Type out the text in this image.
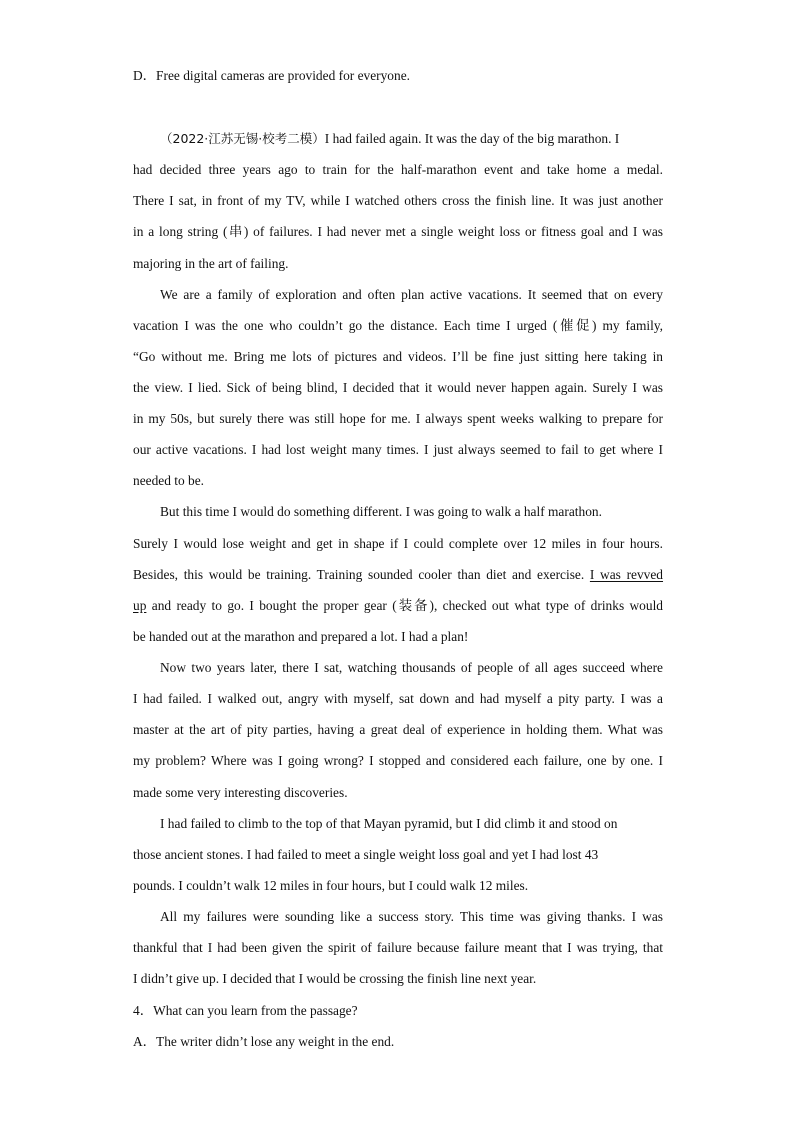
D．Free digital cameras are provided for everyone.
（2022·江苏无锡·校考二模）I had failed again. It was the day of the big marathon. I
had decided three years ago to train for the half-marathon event and take home a medal.
There I sat, in front of my TV, while I watched others cross the finish line. It was just another
in a long string (串) of failures. I had never met a single weight loss or fitness goal and I was
majoring in the art of failing.
We are a family of exploration and often plan active vacations. It seemed that on every
vacation I was the one who couldn’t go the distance. Each time I urged (催促) my family,
“Go without me. Bring me lots of pictures and videos. I’ll be fine just sitting here taking in
the view. I lied. Sick of being blind, I decided that it would never happen again. Surely I was
in my 50s, but surely there was still hope for me. I always spent weeks walking to prepare for
our active vacations. I had lost weight many times. I just always seemed to fail to get where I
needed to be.
But this time I would do something different. I was going to walk a half marathon.
Surely I would lose weight and get in shape if I could complete over 12 miles in four hours.
Besides, this would be training. Training sounded cooler than diet and exercise. I was revved
up and ready to go. I bought the proper gear (装备), checked out what type of drinks would
be handed out at the marathon and prepared a lot. I had a plan!
Now two years later, there I sat, watching thousands of people of all ages succeed where
I had failed. I walked out, angry with myself, sat down and had myself a pity party. I was a
master at the art of pity parties, having a great deal of experience in holding them. What was
my problem? Where was I going wrong? I stopped and considered each failure, one by one. I
made some very interesting discoveries.
I had failed to climb to the top of that Mayan pyramid, but I did climb it and stood on
those ancient stones. I had failed to meet a single weight loss goal and yet I had lost 43
pounds. I couldn’t walk 12 miles in four hours, but I could walk 12 miles.
All my failures were sounding like a success story. This time was giving thanks. I was
thankful that I had been given the spirit of failure because failure meant that I was trying, that
I didn’t give up. I decided that I would be crossing the finish line next year.
4．What can you learn from the passage?
A．The writer didn’t lose any weight in the end.
